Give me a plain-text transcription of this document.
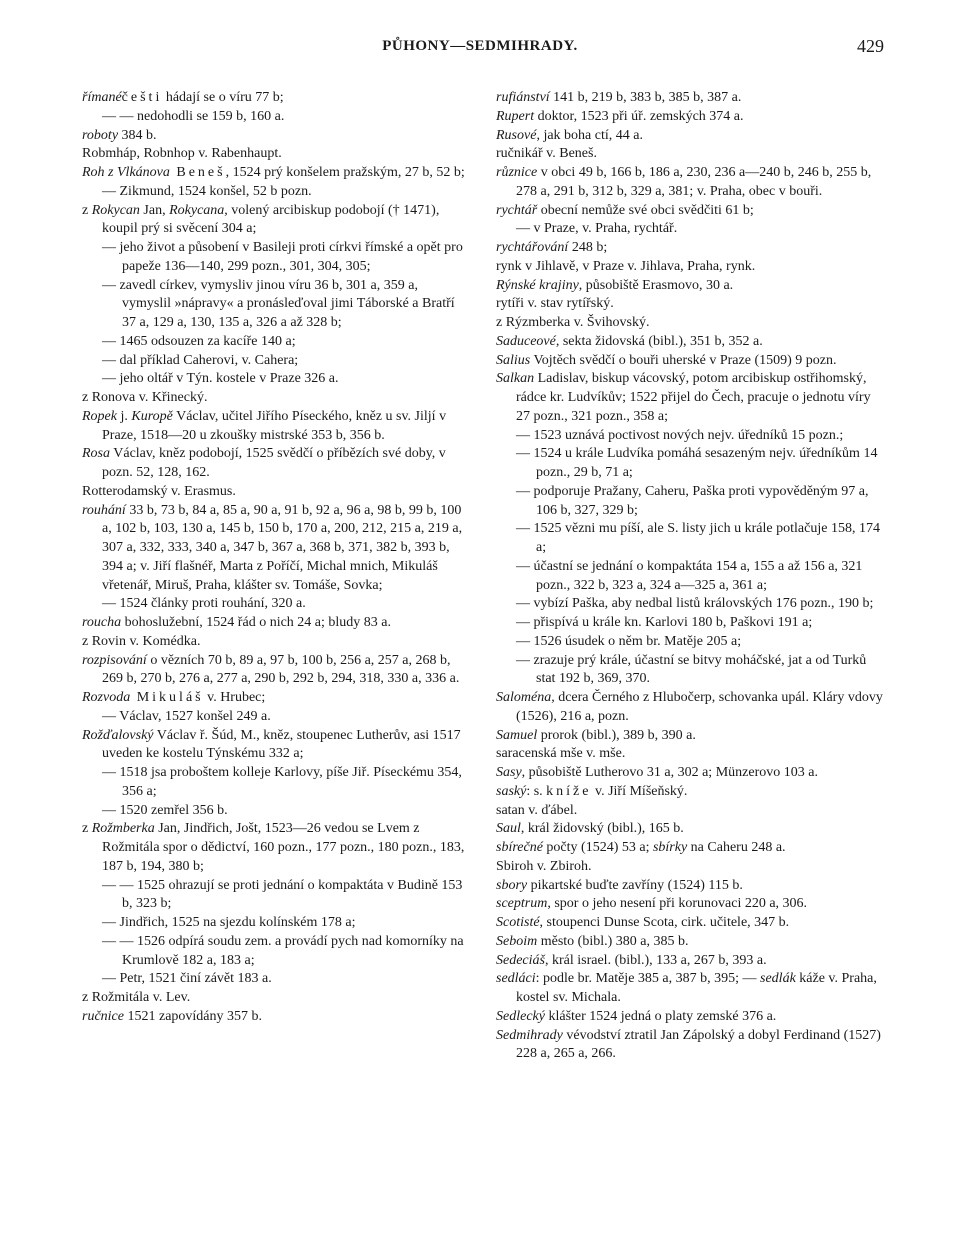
PŮHONY—SEDMIHRADY.	429

římanéčešti hádají se o víru 77 b;

— — nedohodli se 159 b, 160 a.

roboty 384 b.

Robmháp, Robnhop v. Rabenhaupt.

Roh z Vlkánova Beneš, 1524 prý konšelem pražským, 27 b, 52 b;

— Zikmund, 1524 konšel, 52 b pozn.

z Rokycan Jan, Rokycana, volený arcibiskup podobojí († 1471), koupil prý si svěcení 304 a;

— jeho život a působení v Basileji proti církvi římské a opět pro papeže 136—140, 299 pozn., 301, 304, 305;

— zavedl církev, vymysliv jinou víru 36 b, 301 a, 359 a, vymyslil »nápravy« a pronásleďoval jimi Táborské a Bratří 37 a, 129 a, 130, 135 a, 326 a až 328 b;

— 1465 odsouzen za kacíře 140 a;

— dal příklad Caherovi, v. Cahera;

— jeho oltář v Týn. kostele v Praze 326 a.

z Ronova v. Křinecký.

Ropek j. Kuropě Václav, učitel Jiřího Píseckého, kněz u sv. Jiljí v Praze, 1518—20 u zkoušky mistrské 353 b, 356 b.

Rosa Václav, kněz podobojí, 1525 svědčí o příbězích své doby, v pozn. 52, 128, 162.

Rotterodamský v. Erasmus.

rouhání 33 b, 73 b, 84 a, 85 a, 90 a, 91 b, 92 a, 96 a, 98 b, 99 b, 100 a, 102 b, 103, 130 a, 145 b, 150 b, 170 a, 200, 212, 215 a, 219 a, 307 a, 332, 333, 340 a, 347 b, 367 a, 368 b, 371, 382 b, 393 b, 394 a; v. Jiří flašnéř, Marta z Poříčí, Michal mnich, Mikuláš vřetenář, Miruš, Praha, klášter sv. Tomáše, Sovka;

— 1524 články proti rouhání, 320 a.

roucha bohoslužební, 1524 řád o nich 24 a; bludy 83 a.

z Rovin v. Komédka.

rozpisování o vězních 70 b, 89 a, 97 b, 100 b, 256 a, 257 a, 268 b, 269 b, 270 b, 276 a, 277 a, 290 b, 292 b, 294, 318, 330 a, 336 a.

Rozvoda Mikuláš v. Hrubec;

— Václav, 1527 konšel 249 a.

Rožďalovský Václav ř. Šúd, M., kněz, stoupenec Lutherův, asi 1517 uveden ke kostelu Týnskému 332 a;

— 1518 jsa proboštem kolleje Karlovy, píše Jiř. Píseckému 354, 356 a;

— 1520 zemřel 356 b.

z Rožmberka Jan, Jindřich, Jošt, 1523—26 vedou se Lvem z Rožmitála spor o dědictví, 160 pozn., 177 pozn., 180 pozn., 183, 187 b, 194, 380 b;

— — 1525 ohrazují se proti jednání o kompaktáta v Budině 153 b, 323 b;

— Jindřich, 1525 na sjezdu kolínském 178 a;

— — 1526 odpírá soudu zem. a provádí pych nad komorníky na Krumlově 182 a, 183 a;

— Petr, 1521 činí závět 183 a.

z Rožmitála v. Lev.

ručnice 1521 zapovídány 357 b.

rufiánství 141 b, 219 b, 383 b, 385 b, 387 a.

Rupert doktor, 1523 při úř. zemských 374 a.

Rusové, jak boha ctí, 44 a.

ručnikář v. Beneš.

různice v obci 49 b, 166 b, 186 a, 230, 236 a—240 b, 246 b, 255 b, 278 a, 291 b, 312 b, 329 a, 381; v. Praha, obec v bouři.

rychtář obecní nemůže své obci svědčiti 61 b;

— v Praze, v. Praha, rychtář.

rychtářování 248 b;

rynk v Jihlavě, v Praze v. Jihlava, Praha, rynk.

Rýnské krajiny, působiště Erasmovo, 30 a.

rytíři v. stav rytířský.

z Rýzmberka v. Švihovský.

Saducеové, sekta židovská (bibl.), 351 b, 352 a.

Salius Vojtěch svědčí o bouři uherské v Praze (1509) 9 pozn.

Salkan Ladislav, biskup vácovský, potom arcibiskup ostřihomský, rádce kr. Ludvíkův; 1522 přijel do Čech, pracuje o jednotu víry 27 pozn., 321 pozn., 358 a;

— 1523 uznává poctivost nových nejv. úředníků 15 pozn.;

— 1524 u krále Ludvíka pomáhá sesazeným nejv. úředníkům 14 pozn., 29 b, 71 a;

— podporuje Pražany, Caheru, Paška proti vypověděným 97 a, 106 b, 327, 329 b;

— 1525 vězni mu píší, ale S. listy jich u krále potlačuje 158, 174 a;

— účastní se jednání o kompaktáta 154 a, 155 a až 156 a, 321 pozn., 322 b, 323 a, 324 a—325 a, 361 a;

— vybízí Paška, aby nedbal listů královských 176 pozn., 190 b;

— přispívá u krále kn. Karlovi 180 b, Paškovi 191 a;

— 1526 úsudek o něm br. Matěje 205 a;

— zrazuje prý krále, účastní se bitvy moháčské, jat a od Turků stat 192 b, 369, 370.

Saloména, dcera Černého z Hlubočerp, schovanka upál. Kláry vdovy (1526), 216 a, pozn.

Samuel prorok (bibl.), 389 b, 390 a.

saracenská mše v. mše.

Sasy, působiště Lutherovo 31 a, 302 a; Münzerovo 103 a.

saský: s. kníže v. Jiří Míšeňský.

satan v. ďábel.

Saul, král židovský (bibl.), 165 b.

sbírečné počty (1524) 53 a; sbírky na Caheru 248 a.

Sbiroh v. Zbiroh.

sbory pikartské buďte zavříny (1524) 115 b.

sceptrum, spor o jeho nesení při korunovaci 220 a, 306.

Scotisté, stoupenci Dunse Scota, cirk. učitele, 347 b.

Seboim město (bibl.) 380 a, 385 b.

Sedeciáš, král israel. (bibl.), 133 a, 267 b, 393 a.

sedláci: podle br. Matěje 385 a, 387 b, 395; — sedlák káže v. Praha, kostel sv. Michala.

Sedlecký klášter 1524 jedná o platy zemské 376 a.

Sedmihrady vévodství ztratil Jan Zápolský a dobyl Ferdinand (1527) 228 a, 265 a, 266.
